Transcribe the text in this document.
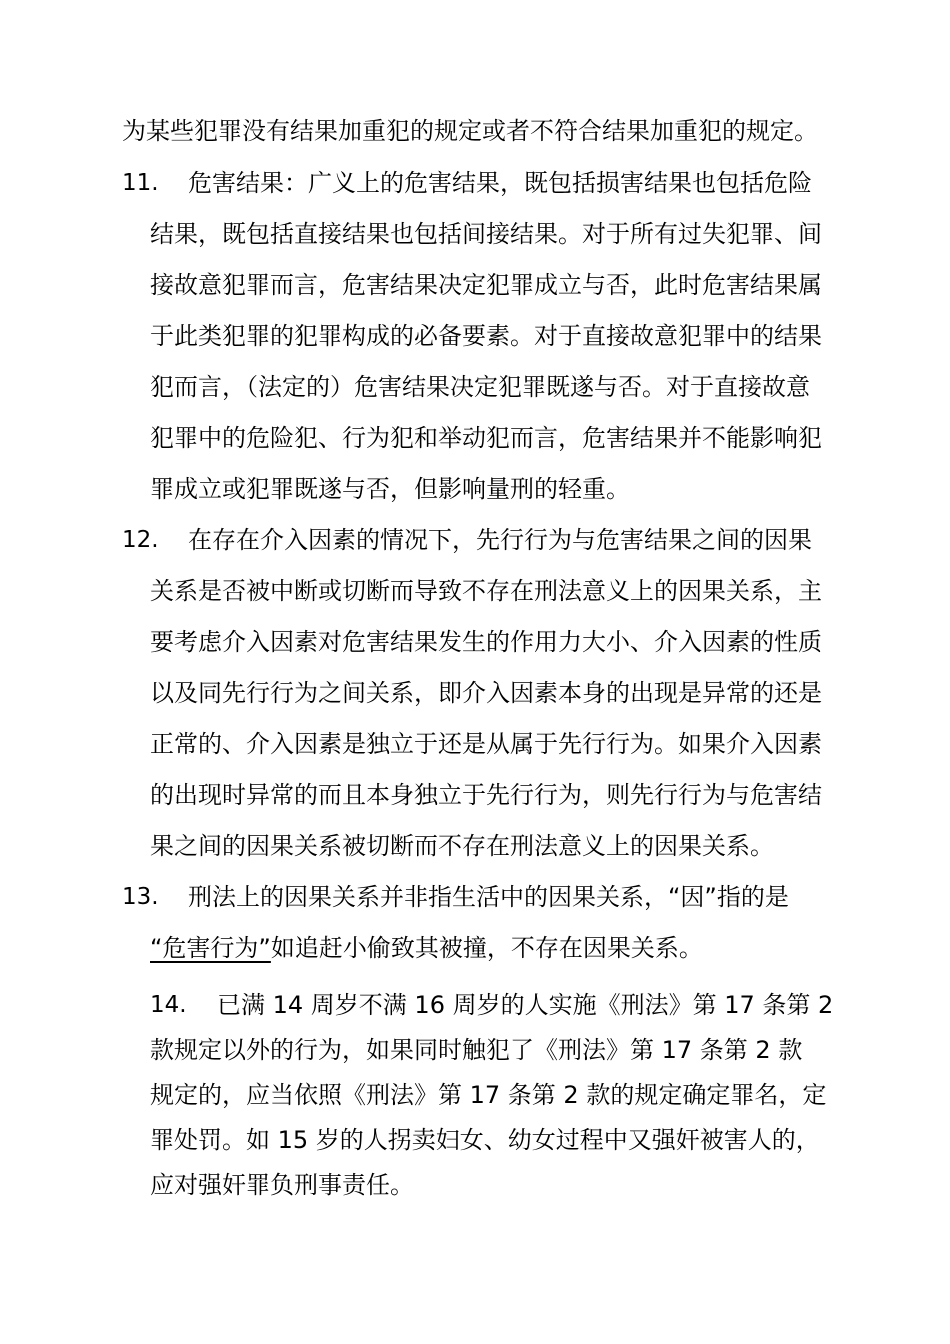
为某些犯罪没有结果加重犯的规定或者不符合结果加重犯的规定。
11. 危害结果：广义上的危害结果，既包括损害结果也包括危险
结果，既包括直接结果也包括间接结果。对于所有过失犯罪、间
接故意犯罪而言，危害结果决定犯罪成立与否，此时危害结果属
于此类犯罪的犯罪构成的必备要素。对于直接故意犯罪中的结果
犯而言，（法定的）危害结果决定犯罪既遂与否。对于直接故意
犯罪中的危险犯、行为犯和举动犯而言，危害结果并不能影响犯
罪成立或犯罪既遂与否，但影响量刑的轻重。
12. 在存在介入因素的情况下，先行行为与危害结果之间的因果
关系是否被中断或切断而导致不存在刑法意义上的因果关系，主
要考虑介入因素对危害结果发生的作用力大小、介入因素的性质
以及同先行行为之间关系，即介入因素本身的出现是异常的还是
正常的、介入因素是独立于还是从属于先行行为。如果介入因素
的出现时异常的而且本身独立于先行行为，则先行行为与危害结
果之间的因果关系被切断而不存在刑法意义上的因果关系。
13. 刑法上的因果关系并非指生活中的因果关系，“因”指的是
“危害行为”如追赶小偷致其被撞，不存在因果关系。
14. 已满 14 周岁不满 16 周岁的人实施《刑法》第 17 条第 2
款规定以外的行为，如果同时触犯了《刑法》第 17 条第 2 款
规定的，应当依照《刑法》第 17 条第 2 款的规定确定罪名，定
罪处罚。如 15 岁的人拐卖妇女、幼女过程中又强奸被害人的，
应对强奸罪负刑事责任。
